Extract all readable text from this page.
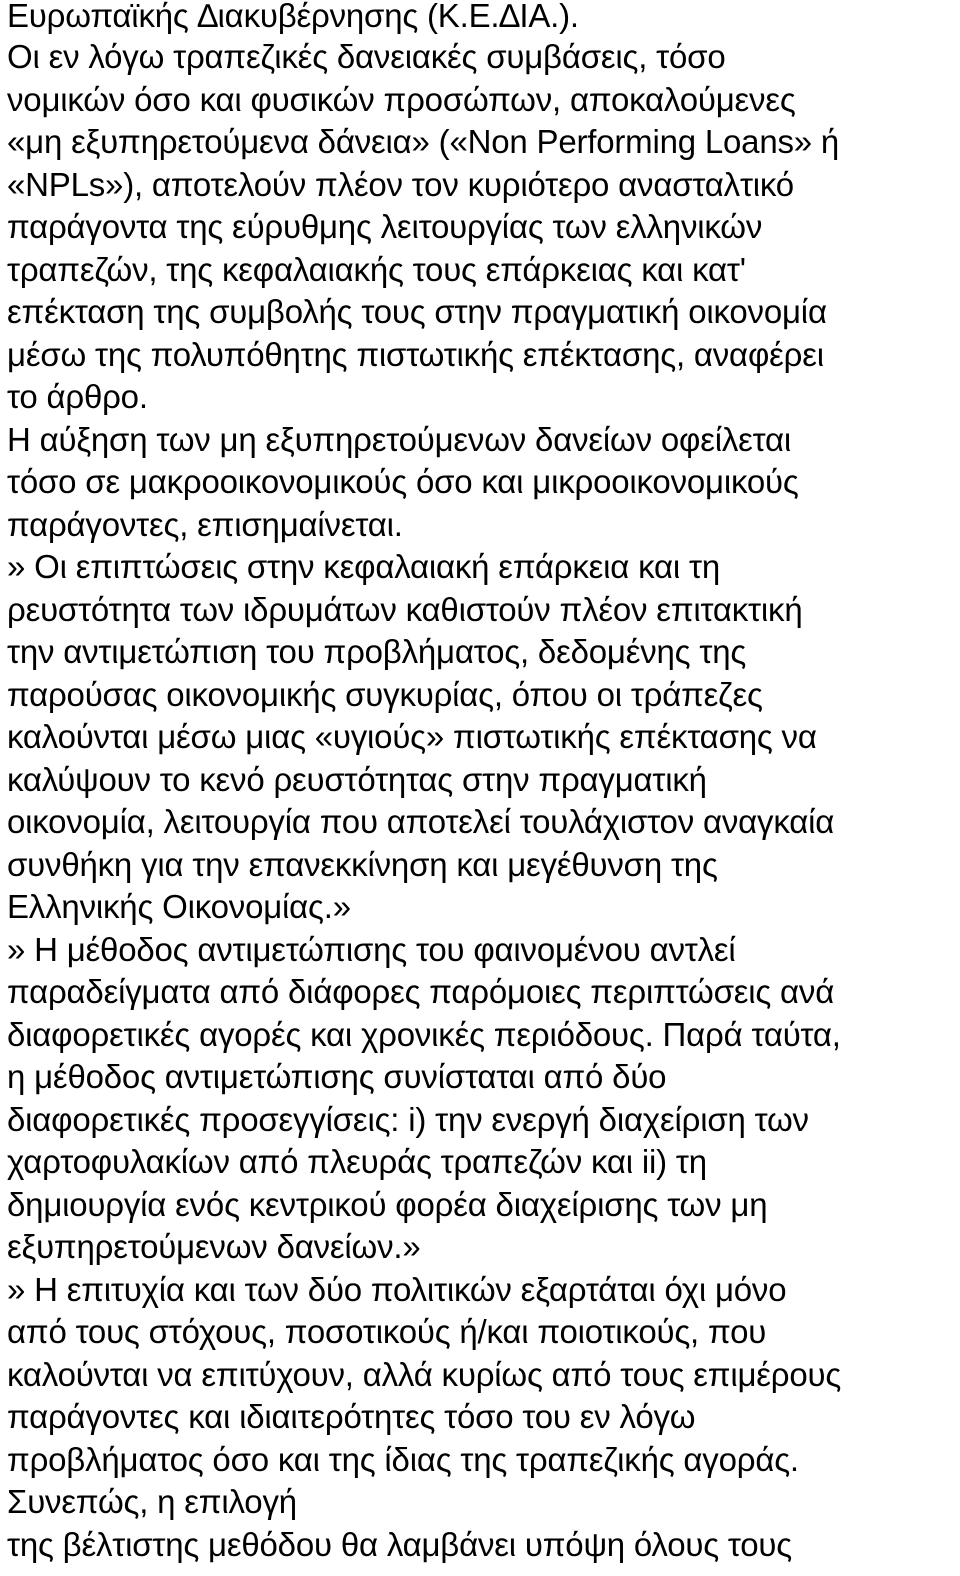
Ευρωπαϊκής ∆ιακυβέρνησης (Κ.Ε.∆ΙΑ.).
Οι εν λόγω τραπεζικές δανειακές συμβάσεις, τόσο
νομικών όσο και φυσικών προσώπων, αποκαλούμενες
«μη εξυπηρετούμενα δάνεια» («Non Performing Loans» ή
«NPLs»), αποτελούν πλέον τον κυριότερο ανασταλτικό
παράγοντα της εύρυθμης λειτουργίας των ελληνικών
τραπεζών, της κεφαλαιακής τους επάρκειας και κατ'
επέκταση της συμβολής τους στην πραγματική οικονομία
μέσω της πολυπόθητης πιστωτικής επέκτασης, αναφέρει
το άρθρο.
Η αύξηση των μη εξυπηρετούμενων δανείων οφείλεται
τόσο σε μακροοικονομικούς όσο και μικροοικονομικούς
παράγοντες, επισημαίνεται.
» Οι επιπτώσεις στην κεφαλαιακή επάρκεια και τη
ρευστότητα των ιδρυμάτων καθιστούν πλέον επιτακτική
την αντιμετώπιση του προβλήματος, δεδομένης της
παρούσας οικονομικής συγκυρίας, όπου οι τράπεζες
καλούνται μέσω μιας «υγιούς» πιστωτικής επέκτασης να
καλύψουν το κενό ρευστότητας στην πραγματική
οικονομία, λειτουργία που αποτελεί τουλάχιστον αναγκαία
συνθήκη για την επανεκκίνηση και μεγέθυνση της
Ελληνικής Οικονομίας.»
» Η μέθοδος αντιμετώπισης του φαινομένου αντλεί
παραδείγματα από διάφορες παρόμοιες περιπτώσεις ανά
διαφορετικές αγορές και χρονικές περιόδους. Παρά ταύτα,
η μέθοδος αντιμετώπισης συνίσταται από δύο
διαφορετικές προσεγγίσεις: i) την ενεργή διαχείριση των
χαρτοφυλακίων από πλευράς τραπεζών και ii) τη
δημιουργία ενός κεντρικού φορέα διαχείρισης των μη
εξυπηρετούμενων δανείων.»
» Η επιτυχία και των δύο πολιτικών εξαρτάται όχι μόνο
από τους στόχους, ποσοτικούς ή/και ποιοτικούς, που
καλούνται να επιτύχουν, αλλά κυρίως από τους επιμέρους
παράγοντες και ιδιαιτερότητες τόσο του εν λόγω
προβλήματος όσο και της ίδιας της τραπεζικής αγοράς.
Συνεπώς, η επιλογή
της βέλτιστης μεθόδου θα λαμβάνει υπόψη όλους τους
